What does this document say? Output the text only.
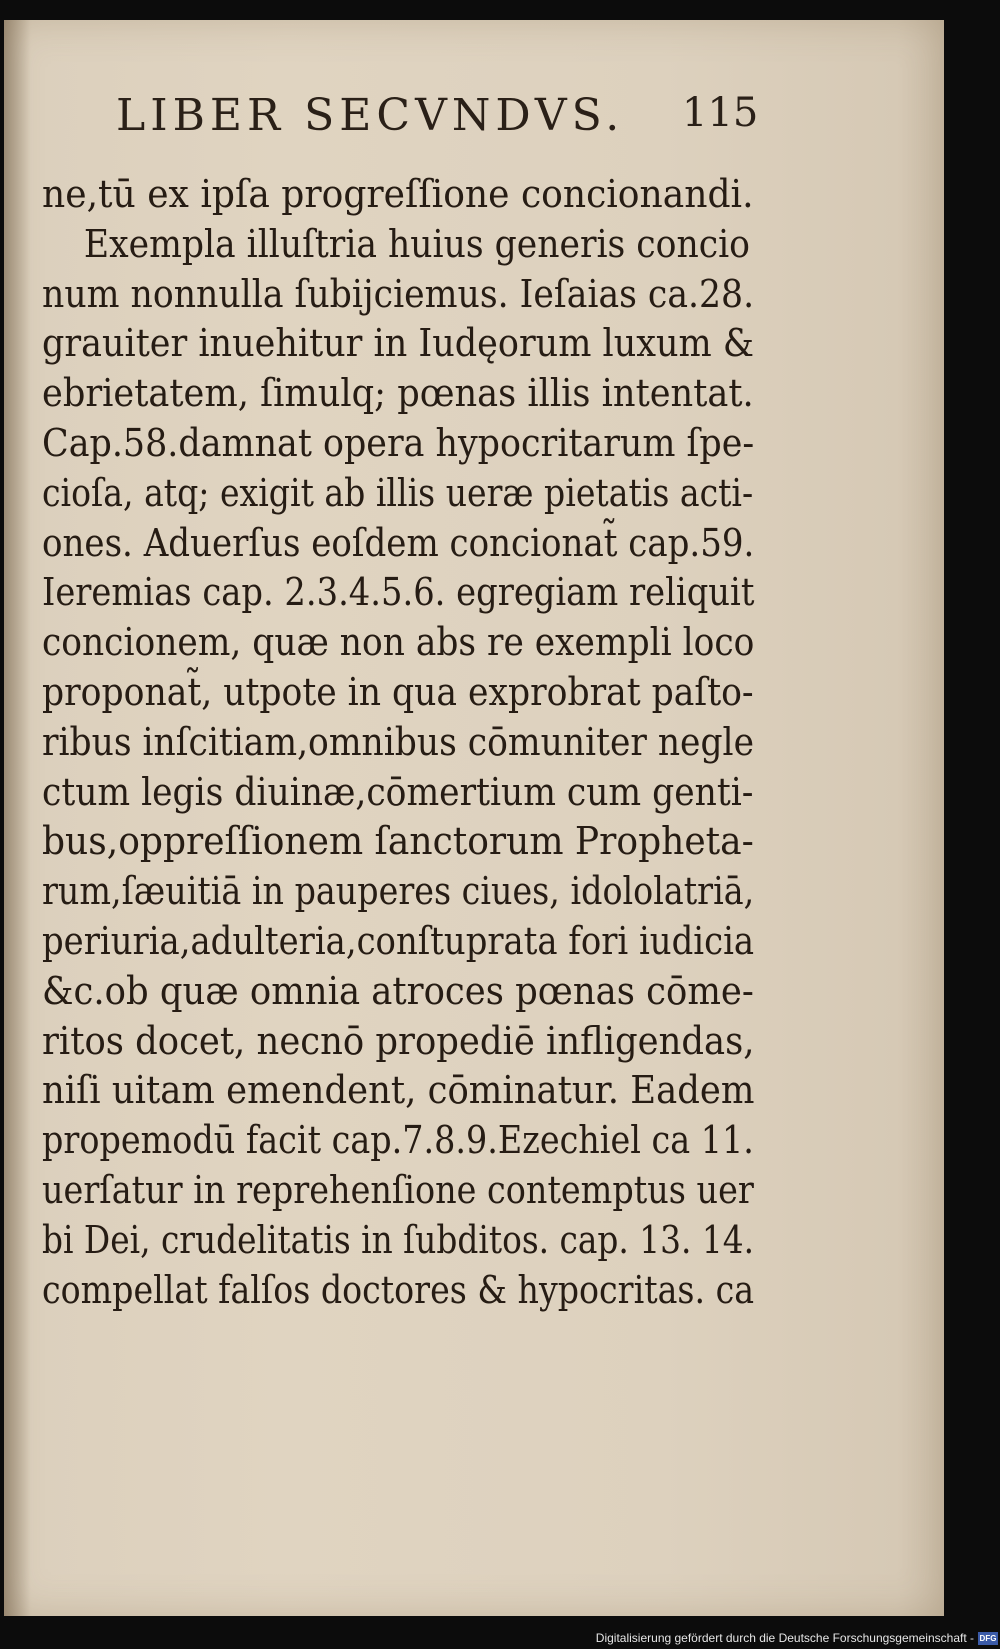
LIBER SECVNDVS. 115
ne,tū ex ipſa progreſſione concionandi.
Exempla illuſtria huius generis concio
num nonnulla ſubijciemus. Ieſaias ca.28.
grauiter inuehitur in Iudęorum luxum &
ebrietatem, ſimulq; pœnas illis intentat.
Cap.58.damnat opera hypocritarum ſpe-
cioſa, atq; exigit ab illis ueræ pietatis acti-
ones. Aduerſus eoſdem concionat̃ cap.59.
Ieremias cap. 2.3.4.5.6. egregiam reliquit
concionem, quæ non abs re exempli loco
proponat̃, utpote in qua exprobrat paſto-
ribus inſcitiam,omnibus cōmuniter negle
ctum legis diuinæ,cōmertium cum genti-
bus,oppreſſionem ſanctorum Propheta-
rum,ſæuitiā in pauperes ciues, idololatriā,
periuria,adulteria,conſtuprata fori iudicia
&c.ob quæ omnia atroces pœnas cōme-
ritos docet, necnō propediē infligendas,
niſi uitam emendent, cōminatur. Eadem
propemodū facit cap.7.8.9.Ezechiel ca 11.
uerſatur in reprehenſione contemptus uer
bi Dei, crudelitatis in ſubditos. cap. 13. 14.
compellat falſos doctores & hypocritas. ca
Digitalisierung gefördert durch die Deutsche Forschungsgemeinschaft - DFG
